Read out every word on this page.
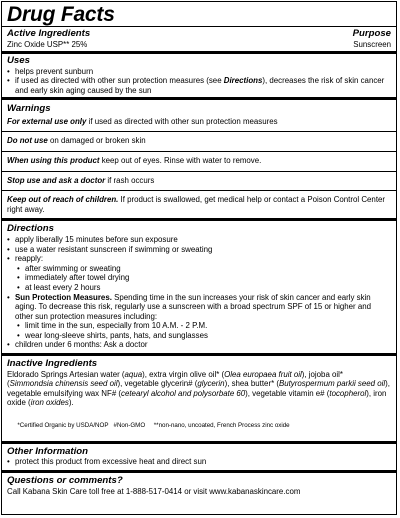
Drug Facts
Active Ingredients	Purpose
Zinc Oxide USP** 25%	Sunscreen
Uses
• helps prevent sunburn
• if used as directed with other sun protection measures (see Directions), decreases the risk of skin cancer and early skin aging caused by the sun
Warnings
For external use only if used as directed with other sun protection measures
Do not use on damaged or broken skin
When using this product keep out of eyes. Rinse with water to remove.
Stop use and ask a doctor if rash occurs
Keep out of reach of children. If product is swallowed, get medical help or contact a Poison Control Center right away.
Directions
• apply liberally 15 minutes before sun exposure
• use a water resistant sunscreen if swimming or sweating
• reapply:
• after swimming or sweating
• immediately after towel drying
• at least every 2 hours
• Sun Protection Measures. Spending time in the sun increases your risk of skin cancer and early skin aging. To decrease this risk, regularly use a sunscreen with a broad spectrum SPF of 15 or higher and other sun protection measures including:
• limit time in the sun, especially from 10 A.M. - 2 P.M.
• wear long-sleeve shirts, pants, hats, and sunglasses
• children under 6 months: Ask a doctor
Inactive Ingredients
Eldorado Springs Artesian water (aqua), extra virgin olive oil* (Olea europaea fruit oil), jojoba oil* (Simmondsia chinensis seed oil), vegetable glycerin# (glycerin), shea butter* (Butyrospermum parkii seed oil), vegetable emulsifying wax NF# (cetearyl alcohol and polysorbate 60), vegetable vitamin e# (tocopherol), iron oxide (iron oxides).

*Certified Organic by USDA/NOP   #Non-GMO **non-nano, uncoated, French Process zinc oxide

Other Information
• protect this product from excessive heat and direct sun
Questions or comments?
Call Kabana Skin Care toll free at 1-888-517-0414 or visit www.kabanaskincare.com
